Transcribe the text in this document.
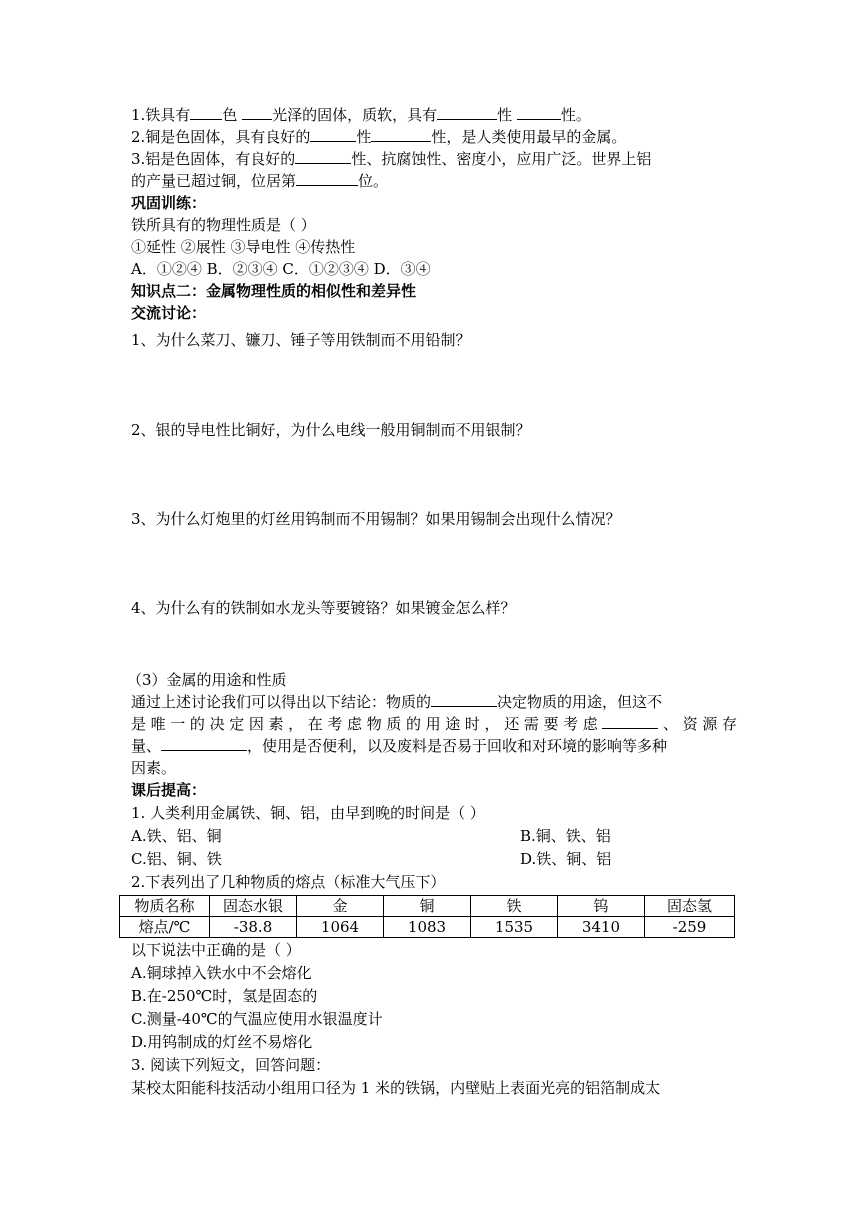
1.铁具有 色 光泽的固体，质软，具有	性	性。
2.铜是色固体，具有良好的	性	性，是人类使用最早的金属。
3.铝是色固体，有良好的	性、抗腐蚀性、密度小，应用广泛。世界上铝
的产量已超过铜，位居第	位。
巩固训练：
铁所具有的物理性质是（ ）
①延性 ②展性 ③导电性 ④传热性
A．①②④ B．②③④ C．①②③④ D．③④
知识点二：金属物理性质的相似性和差异性
交流讨论：
1、为什么菜刀、镰刀、锤子等用铁制而不用铅制？
2、银的导电性比铜好，为什么电线一般用铜制而不用银制？
3、为什么灯炮里的灯丝用钨制而不用锡制？如果用锡制会出现什么情况？
4、为什么有的铁制如水龙头等要镀铬？如果镀金怎么样？
（3）金属的用途和性质
通过上述讨论我们可以得出以下结论：物质的	决定物质的用途，但这不
是唯一的决定因素，在考虑物质的用途时，还需要考虑	、资源存
量、	，使用是否便利，以及废料是否易于回收和对环境的影响等多种
因素。
课后提高：
1. 人类利用金属铁、铜、铝，由早到晚的时间是（ ）
A.铁、铝、铜	B.铜、铁、铝
C.铝、铜、铁	D.铁、铜、铝
2.下表列出了几种物质的熔点（标准大气压下）
物质名称	固态水银	金	铜	铁	钨	固态氢
熔点/℃	-38.8	1064	1083	1535	3410	-259
以下说法中正确的是（ ）
A.铜球掉入铁水中不会熔化
B.在-250℃时，氢是固态的
C.测量-40℃的气温应使用水银温度计
D.用钨制成的灯丝不易熔化
3. 阅读下列短文，回答问题：
某校太阳能科技活动小组用口径为 1 米的铁锅，内壁贴上表面光亮的铝箔制成太
